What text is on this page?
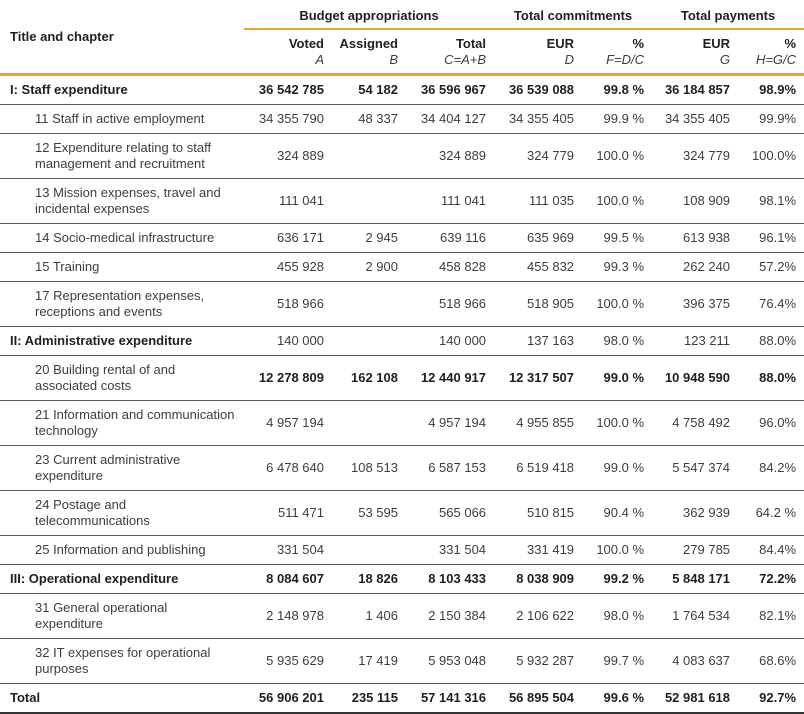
Title and chapter	Budget appropriations			Total commitments		Total payments	
	Voted	Assigned	Total	EUR	%	EUR	%
	A	B	C=A+B	D	F=D/C	G	H=G/C
I: Staff expenditure	36 542 785	54 182	36 596 967	36 539 088	99.8 %	36 184 857	98.9%
11 Staff in active employment	34 355 790	48 337	34 404 127	34 355 405	99.9 %	34 355 405	99.9%
12 Expenditure relating to staff management and recruitment	324 889		324 889	324 779	100.0 %	324 779	100.0%
13 Mission expenses, travel and incidental expenses	111 041		111 041	111 035	100.0 %	108 909	98.1%
14 Socio-medical infrastructure	636 171	2 945	639 116	635 969	99.5 %	613 938	96.1%
15 Training	455 928	2 900	458 828	455 832	99.3 %	262 240	57.2%
17 Representation expenses, receptions and events	518 966		518 966	518 905	100.0 %	396 375	76.4%
II: Administrative expenditure	140 000		140 000	137 163	98.0 %	123 211	88.0%
20 Building rental of and associated costs	12 278 809	162 108	12 440 917	12 317 507	99.0 %	10 948 590	88.0%
21 Information and communication technology	4 957 194		4 957 194	4 955 855	100.0 %	4 758 492	96.0%
23 Current administrative expenditure	6 478 640	108 513	6 587 153	6 519 418	99.0 %	5 547 374	84.2%
24 Postage and telecommunications	511 471	53 595	565 066	510 815	90.4 %	362 939	64.2 %
25 Information and publishing	331 504		331 504	331 419	100.0 %	279 785	84.4%
III: Operational expenditure	8 084 607	18 826	8 103 433	8 038 909	99.2 %	5 848 171	72.2%
31 General operational expenditure	2 148 978	1 406	2 150 384	2 106 622	98.0 %	1 764 534	82.1%
32 IT expenses for operational purposes	5 935 629	17 419	5 953 048	5 932 287	99.7 %	4 083 637	68.6%
Total	56 906 201	235 115	57 141 316	56 895 504	99.6 %	52 981 618	92.7%
